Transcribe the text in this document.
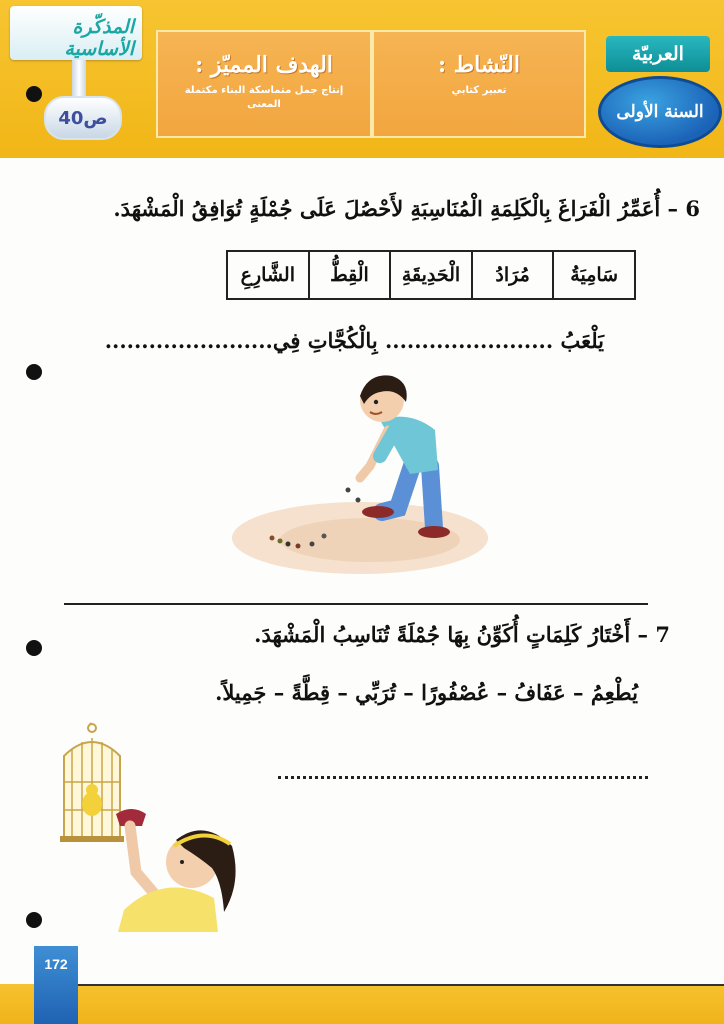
المذكّرة الأساسية
ص40
الهدف المميّز :
إنتاج جمل متماسكة البناء مكتملة المعنى
النّشاط :
تعبير كتابي
العربيّة
السنة الأولى
6 – أُعَمِّرُ الْفَرَاغَ بِالْكَلِمَةِ الْمُنَاسِبَةِ لأَحْصُلَ عَلَى جُمْلَةٍ تُوَافِقُ الْمَشْهَدَ.
سَامِيَةُ
مُرَادُ
الْحَدِيقَةِ
الْقِطُّ
الشَّارِعِ
يَلْعَبُ ....................... بِالْكُجَّاتِ فِي.......................
7 – أَخْتَارُ كَلِمَاتٍ أُكَوِّنُ بِهَا جُمْلَةً تُنَاسِبُ الْمَشْهَدَ.
يُطْعِمُ – عَفَافُ – عُصْفُورًا – تُرَبِّي – قِطَّةً – جَمِيلاً.
172
